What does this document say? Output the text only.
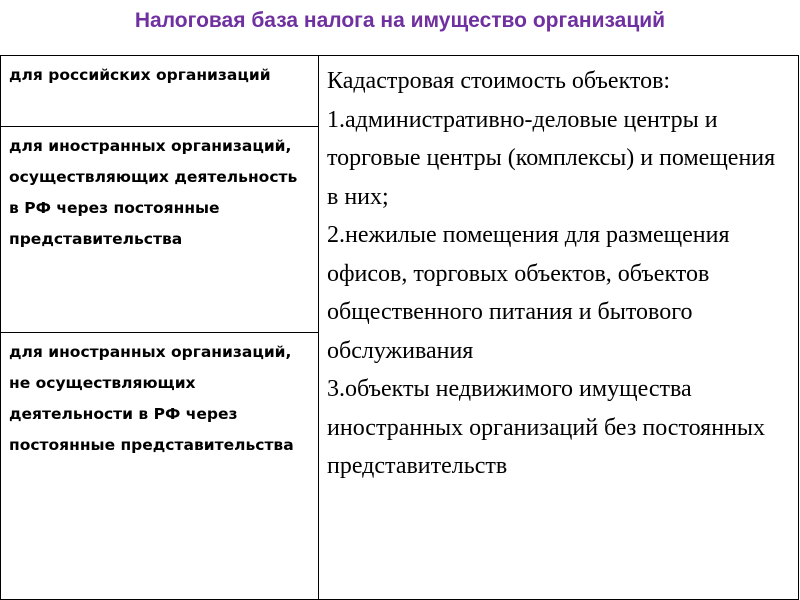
Налоговая база налога на имущество организаций
для российских организаций
для иностранных организаций, осуществляющих деятельность в РФ через постоянные представительства
для иностранных организаций, не осуществляющих деятельности в РФ через постоянные представительства

Кадастровая стоимость объектов:

1.административно-деловые центры и торговые центры (комплексы) и помещения в них;

2.нежилые помещения для размещения офисов, торговых объектов, объектов общественного питания и бытового обслуживания

3.объекты недвижимого имущества иностранных организаций без постоянных представительств
